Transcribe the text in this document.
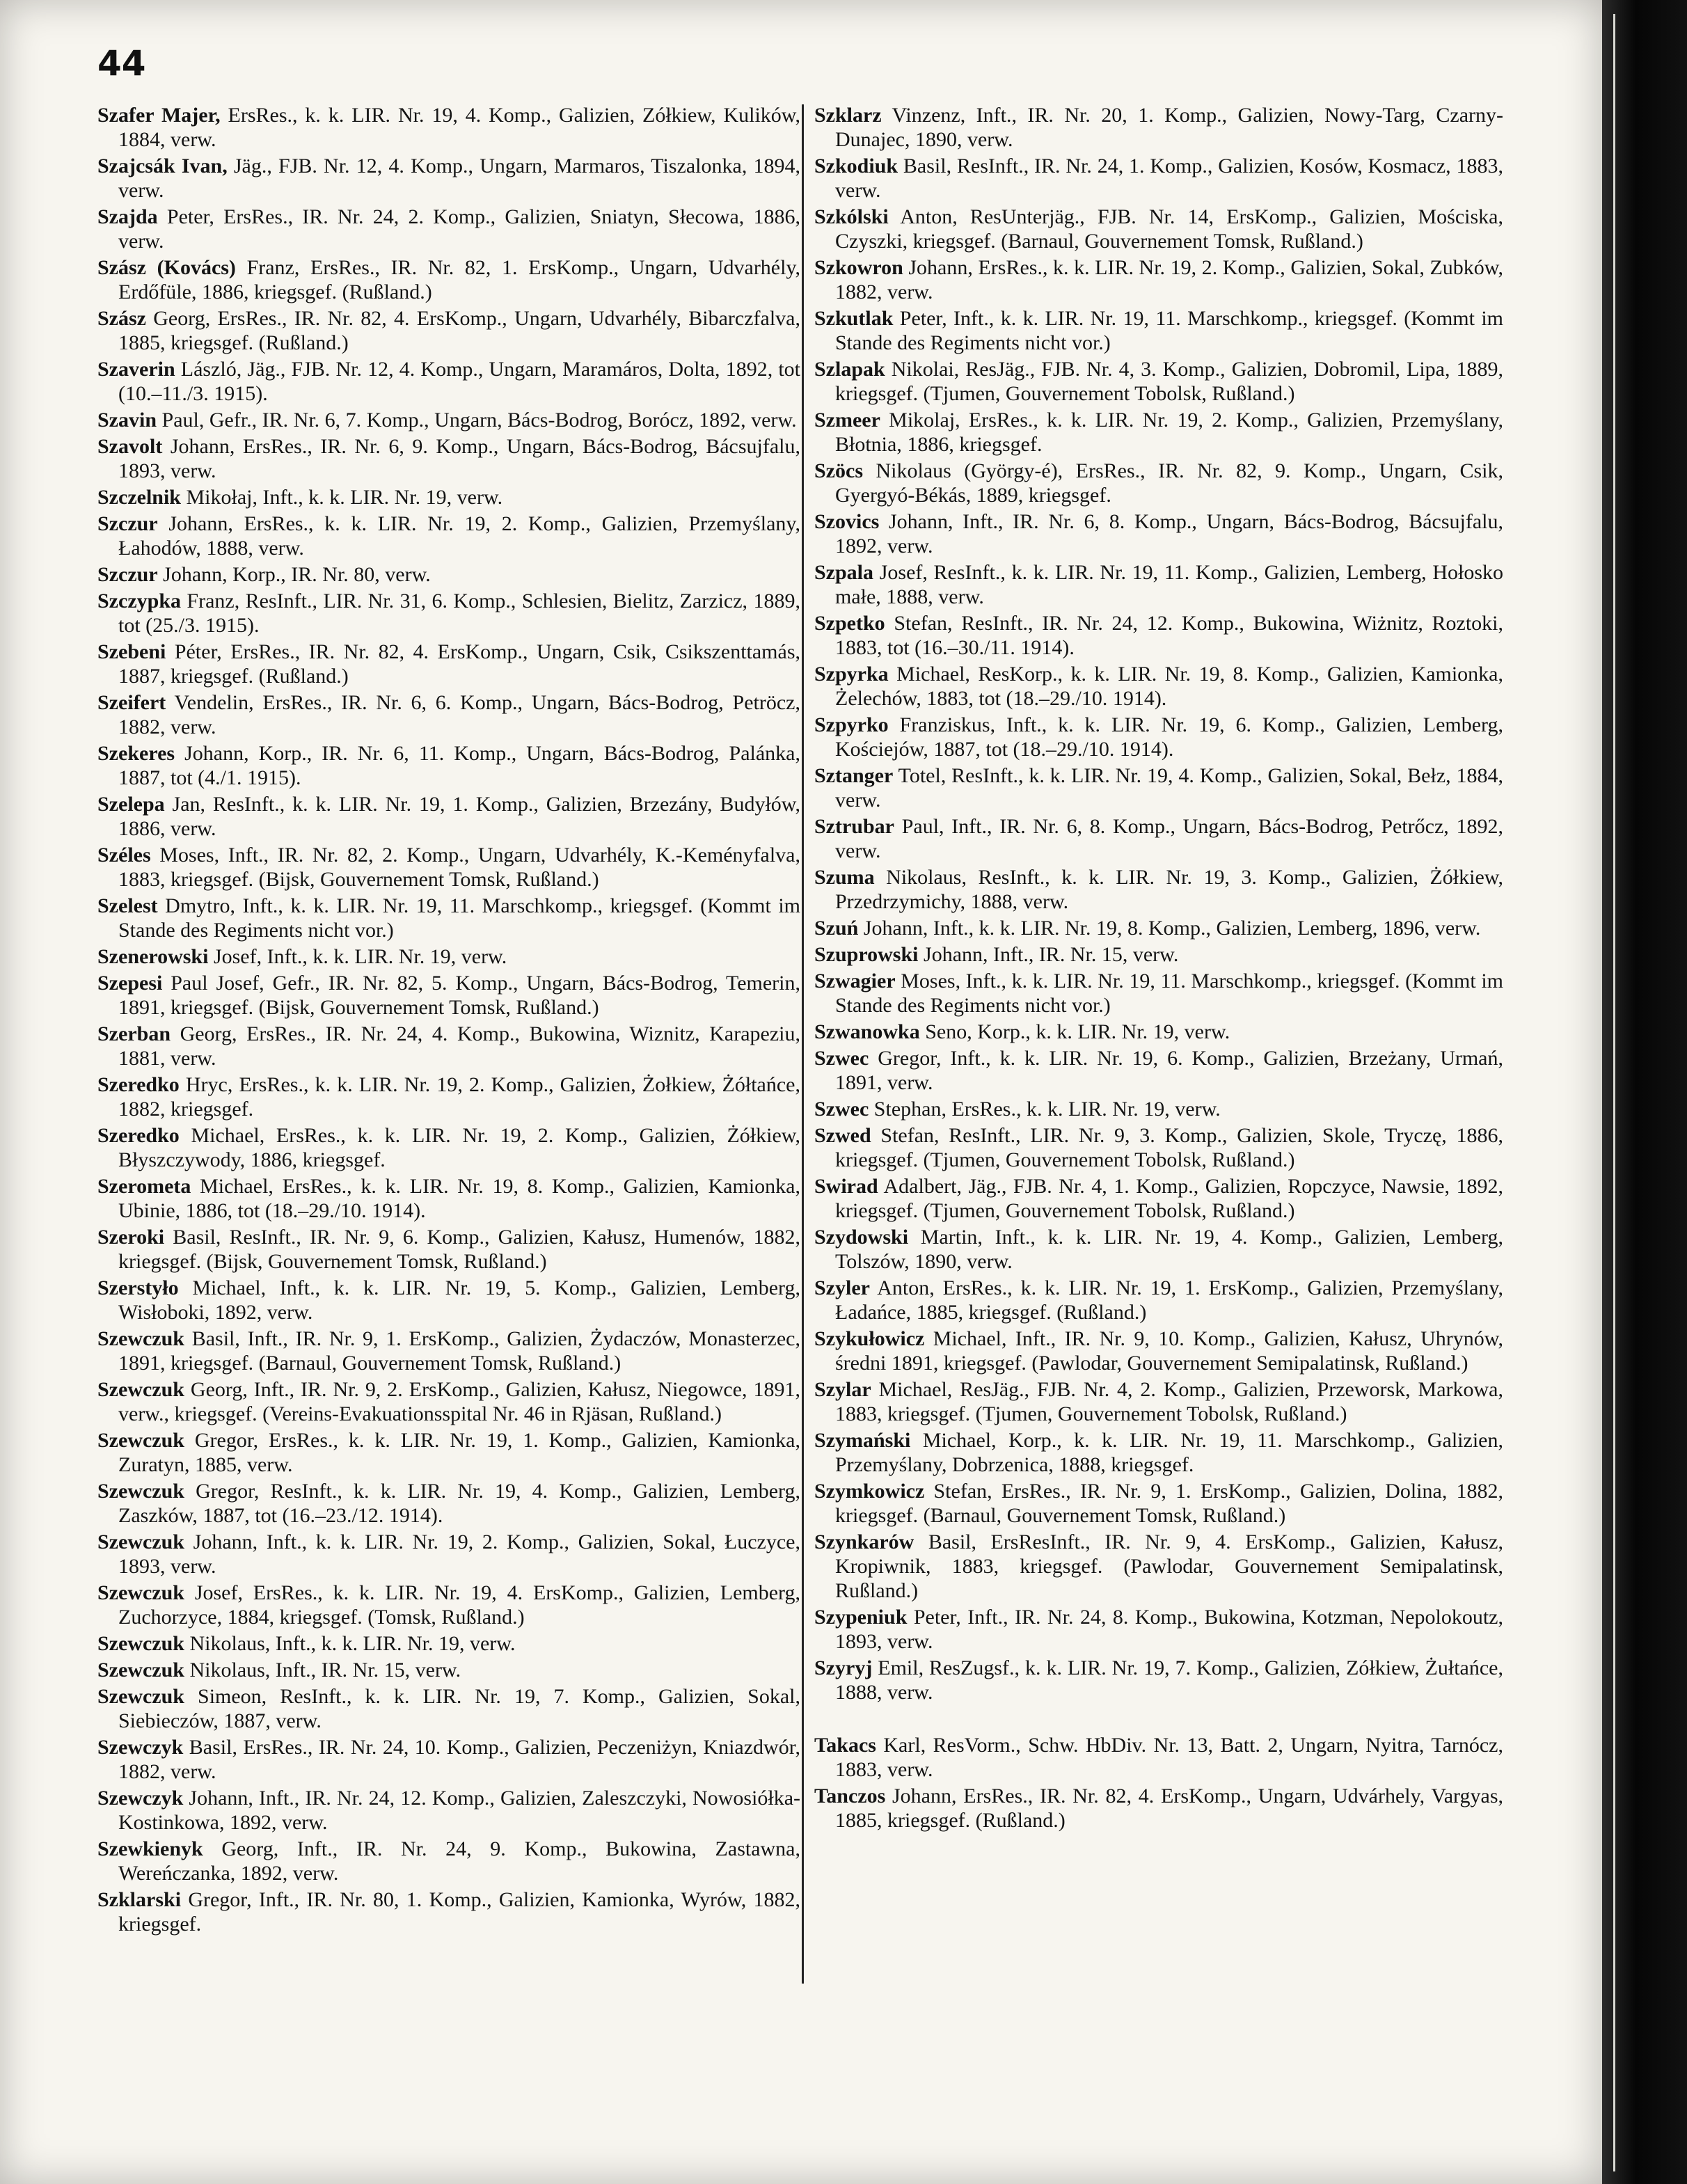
44
Szafer Majer, ErsRes., k. k. LIR. Nr. 19, 4. Komp., Galizien, Zółkiew, Kulików, 1884, verw.
Szajcsák Ivan, Jäg., FJB. Nr. 12, 4. Komp., Ungarn, Marmaros, Tiszalonka, 1894, verw.
Szajda Peter, ErsRes., IR. Nr. 24, 2. Komp., Galizien, Sniatyn, Słecowa, 1886, verw.
Szász (Kovács) Franz, ErsRes., IR. Nr. 82, 1. ErsKomp., Ungarn, Udvarhély, Erdőfüle, 1886, kriegsgef. (Rußland.)
Szász Georg, ErsRes., IR. Nr. 82, 4. ErsKomp., Ungarn, Udvarhély, Bibarczfalva, 1885, kriegsgef. (Rußland.)
Szaverin László, Jäg., FJB. Nr. 12, 4. Komp., Ungarn, Maramáros, Dolta, 1892, tot (10.–11./3. 1915).
Szavin Paul, Gefr., IR. Nr. 6, 7. Komp., Ungarn, Bács-Bodrog, Borócz, 1892, verw.
Szavolt Johann, ErsRes., IR. Nr. 6, 9. Komp., Ungarn, Bács-Bodrog, Bácsujfalu, 1893, verw.
Szczelnik Mikołaj, Inft., k. k. LIR. Nr. 19, verw.
Szczur Johann, ErsRes., k. k. LIR. Nr. 19, 2. Komp., Galizien, Przemyślany, Łahodów, 1888, verw.
Szczur Johann, Korp., IR. Nr. 80, verw.
Szczypka Franz, ResInft., LIR. Nr. 31, 6. Komp., Schlesien, Bielitz, Zarzicz, 1889, tot (25./3. 1915).
Szebeni Péter, ErsRes., IR. Nr. 82, 4. ErsKomp., Ungarn, Csik, Csikszenttamás, 1887, kriegsgef. (Rußland.)
Szeifert Vendelin, ErsRes., IR. Nr. 6, 6. Komp., Ungarn, Bács-Bodrog, Petröcz, 1882, verw.
Szekeres Johann, Korp., IR. Nr. 6, 11. Komp., Ungarn, Bács-Bodrog, Palánka, 1887, tot (4./1. 1915).
Szelepa Jan, ResInft., k. k. LIR. Nr. 19, 1. Komp., Galizien, Brzezány, Budyłów, 1886, verw.
Széles Moses, Inft., IR. Nr. 82, 2. Komp., Ungarn, Udvarhély, K.-Keményfalva, 1883, kriegsgef. (Bijsk, Gouvernement Tomsk, Rußland.)
Szelest Dmytro, Inft., k. k. LIR. Nr. 19, 11. Marschkomp., kriegsgef. (Kommt im Stande des Regiments nicht vor.)
Szenerowski Josef, Inft., k. k. LIR. Nr. 19, verw.
Szepesi Paul Josef, Gefr., IR. Nr. 82, 5. Komp., Ungarn, Bács-Bodrog, Temerin, 1891, kriegsgef. (Bijsk, Gouvernement Tomsk, Rußland.)
Szerban Georg, ErsRes., IR. Nr. 24, 4. Komp., Bukowina, Wiznitz, Karapeziu, 1881, verw.
Szeredko Hryc, ErsRes., k. k. LIR. Nr. 19, 2. Komp., Galizien, Żołkiew, Żółtańce, 1882, kriegsgef.
Szeredko Michael, ErsRes., k. k. LIR. Nr. 19, 2. Komp., Galizien, Żółkiew, Błyszczywody, 1886, kriegsgef.
Szerometa Michael, ErsRes., k. k. LIR. Nr. 19, 8. Komp., Galizien, Kamionka, Ubinie, 1886, tot (18.–29./10. 1914).
Szeroki Basil, ResInft., IR. Nr. 9, 6. Komp., Galizien, Kałusz, Humenów, 1882, kriegsgef. (Bijsk, Gouvernement Tomsk, Rußland.)
Szerstyło Michael, Inft., k. k. LIR. Nr. 19, 5. Komp., Galizien, Lemberg, Wisłoboki, 1892, verw.
Szewczuk Basil, Inft., IR. Nr. 9, 1. ErsKomp., Galizien, Żydaczów, Monasterzec, 1891, kriegsgef. (Barnaul, Gouvernement Tomsk, Rußland.)
Szewczuk Georg, Inft., IR. Nr. 9, 2. ErsKomp., Galizien, Kałusz, Niegowce, 1891, verw., kriegsgef. (Vereins-Evakuationsspital Nr. 46 in Rjäsan, Rußland.)
Szewczuk Gregor, ErsRes., k. k. LIR. Nr. 19, 1. Komp., Galizien, Kamionka, Zuratyn, 1885, verw.
Szewczuk Gregor, ResInft., k. k. LIR. Nr. 19, 4. Komp., Galizien, Lemberg, Zaszków, 1887, tot (16.–23./12. 1914).
Szewczuk Johann, Inft., k. k. LIR. Nr. 19, 2. Komp., Galizien, Sokal, Łuczyce, 1893, verw.
Szewczuk Josef, ErsRes., k. k. LIR. Nr. 19, 4. ErsKomp., Galizien, Lemberg, Zuchorzyce, 1884, kriegsgef. (Tomsk, Rußland.)
Szewczuk Nikolaus, Inft., k. k. LIR. Nr. 19, verw.
Szewczuk Nikolaus, Inft., IR. Nr. 15, verw.
Szewczuk Simeon, ResInft., k. k. LIR. Nr. 19, 7. Komp., Galizien, Sokal, Siebieczów, 1887, verw.
Szewczyk Basil, ErsRes., IR. Nr. 24, 10. Komp., Galizien, Peczeniżyn, Kniazdwór, 1882, verw.
Szewczyk Johann, Inft., IR. Nr. 24, 12. Komp., Galizien, Zaleszczyki, Nowosiółka-Kostinkowa, 1892, verw.
Szewkienyk Georg, Inft., IR. Nr. 24, 9. Komp., Bukowina, Zastawna, Wereńczanka, 1892, verw.
Szklarski Gregor, Inft., IR. Nr. 80, 1. Komp., Galizien, Kamionka, Wyrów, 1882, kriegsgef.
Szklarz Vinzenz, Inft., IR. Nr. 20, 1. Komp., Galizien, Nowy-Targ, Czarny-Dunajec, 1890, verw.
Szkodiuk Basil, ResInft., IR. Nr. 24, 1. Komp., Galizien, Kosów, Kosmacz, 1883, verw.
Szkólski Anton, ResUnterjäg., FJB. Nr. 14, ErsKomp., Galizien, Mościska, Czyszki, kriegsgef. (Barnaul, Gouvernement Tomsk, Rußland.)
Szkowron Johann, ErsRes., k. k. LIR. Nr. 19, 2. Komp., Galizien, Sokal, Zubków, 1882, verw.
Szkutlak Peter, Inft., k. k. LIR. Nr. 19, 11. Marschkomp., kriegsgef. (Kommt im Stande des Regiments nicht vor.)
Szlapak Nikolai, ResJäg., FJB. Nr. 4, 3. Komp., Galizien, Dobromil, Lipa, 1889, kriegsgef. (Tjumen, Gouvernement Tobolsk, Rußland.)
Szmeer Mikolaj, ErsRes., k. k. LIR. Nr. 19, 2. Komp., Galizien, Przemyślany, Błotnia, 1886, kriegsgef.
Szöcs Nikolaus (György-é), ErsRes., IR. Nr. 82, 9. Komp., Ungarn, Csik, Gyergyó-Békás, 1889, kriegsgef.
Szovics Johann, Inft., IR. Nr. 6, 8. Komp., Ungarn, Bács-Bodrog, Bácsujfalu, 1892, verw.
Szpala Josef, ResInft., k. k. LIR. Nr. 19, 11. Komp., Galizien, Lemberg, Hołosko małe, 1888, verw.
Szpetko Stefan, ResInft., IR. Nr. 24, 12. Komp., Bukowina, Wiżnitz, Roztoki, 1883, tot (16.–30./11. 1914).
Szpyrka Michael, ResKorp., k. k. LIR. Nr. 19, 8. Komp., Galizien, Kamionka, Żelechów, 1883, tot (18.–29./10. 1914).
Szpyrko Franziskus, Inft., k. k. LIR. Nr. 19, 6. Komp., Galizien, Lemberg, Kościejów, 1887, tot (18.–29./10. 1914).
Sztanger Totel, ResInft., k. k. LIR. Nr. 19, 4. Komp., Galizien, Sokal, Bełz, 1884, verw.
Sztrubar Paul, Inft., IR. Nr. 6, 8. Komp., Ungarn, Bács-Bodrog, Petrőcz, 1892, verw.
Szuma Nikolaus, ResInft., k. k. LIR. Nr. 19, 3. Komp., Galizien, Żółkiew, Przedrzymichy, 1888, verw.
Szuń Johann, Inft., k. k. LIR. Nr. 19, 8. Komp., Galizien, Lemberg, 1896, verw.
Szuprowski Johann, Inft., IR. Nr. 15, verw.
Szwagier Moses, Inft., k. k. LIR. Nr. 19, 11. Marschkomp., kriegsgef. (Kommt im Stande des Regiments nicht vor.)
Szwanowka Seno, Korp., k. k. LIR. Nr. 19, verw.
Szwec Gregor, Inft., k. k. LIR. Nr. 19, 6. Komp., Galizien, Brzeżany, Urmań, 1891, verw.
Szwec Stephan, ErsRes., k. k. LIR. Nr. 19, verw.
Szwed Stefan, ResInft., LIR. Nr. 9, 3. Komp., Galizien, Skole, Tryczę, 1886, kriegsgef. (Tjumen, Gouvernement Tobolsk, Rußland.)
Swirad Adalbert, Jäg., FJB. Nr. 4, 1. Komp., Galizien, Ropczyce, Nawsie, 1892, kriegsgef. (Tjumen, Gouvernement Tobolsk, Rußland.)
Szydowski Martin, Inft., k. k. LIR. Nr. 19, 4. Komp., Galizien, Lemberg, Tolszów, 1890, verw.
Szyler Anton, ErsRes., k. k. LIR. Nr. 19, 1. ErsKomp., Galizien, Przemyślany, Ładańce, 1885, kriegsgef. (Rußland.)
Szykułowicz Michael, Inft., IR. Nr. 9, 10. Komp., Galizien, Kałusz, Uhrynów, średni 1891, kriegsgef. (Pawlodar, Gouvernement Semipalatinsk, Rußland.)
Szylar Michael, ResJäg., FJB. Nr. 4, 2. Komp., Galizien, Przeworsk, Markowa, 1883, kriegsgef. (Tjumen, Gouvernement Tobolsk, Rußland.)
Szymański Michael, Korp., k. k. LIR. Nr. 19, 11. Marschkomp., Galizien, Przemyślany, Dobrzenica, 1888, kriegsgef.
Szymkowicz Stefan, ErsRes., IR. Nr. 9, 1. ErsKomp., Galizien, Dolina, 1882, kriegsgef. (Barnaul, Gouvernement Tomsk, Rußland.)
Szynkarów Basil, ErsResInft., IR. Nr. 9, 4. ErsKomp., Galizien, Kałusz, Kropiwnik, 1883, kriegsgef. (Pawlodar, Gouvernement Semipalatinsk, Rußland.)
Szypeniuk Peter, Inft., IR. Nr. 24, 8. Komp., Bukowina, Kotzman, Nepolokoutz, 1893, verw.
Szyryj Emil, ResZugsf., k. k. LIR. Nr. 19, 7. Komp., Galizien, Zółkiew, Żułtańce, 1888, verw.
Takacs Karl, ResVorm., Schw. HbDiv. Nr. 13, Batt. 2, Ungarn, Nyitra, Tarnócz, 1883, verw.
Tanczos Johann, ErsRes., IR. Nr. 82, 4. ErsKomp., Ungarn, Udvárhely, Vargyas, 1885, kriegsgef. (Rußland.)
